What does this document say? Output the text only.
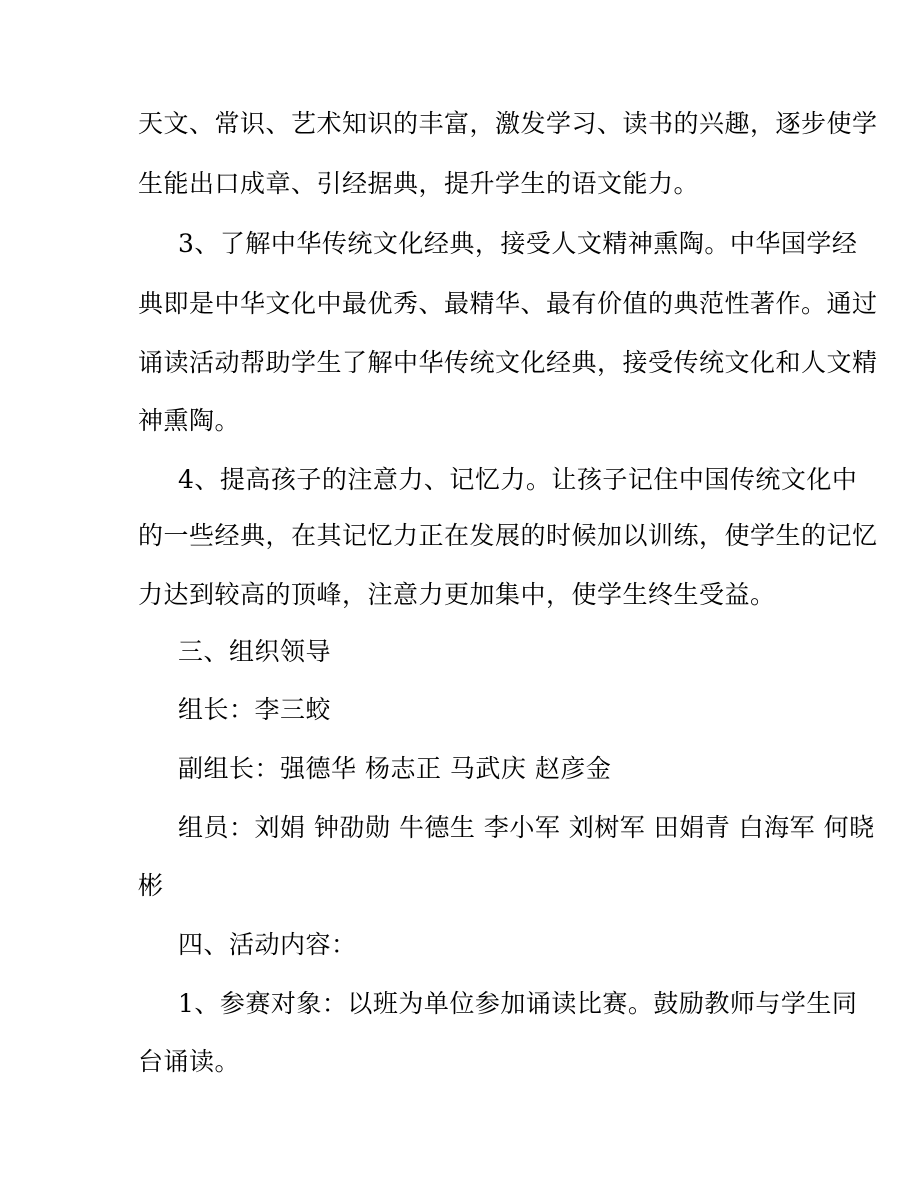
天文、常识、艺术知识的丰富，激发学习、读书的兴趣，逐步使学
生能出口成章、引经据典，提升学生的语文能力。
3、了解中华传统文化经典，接受人文精神熏陶。中华国学经
典即是中华文化中最优秀、最精华、最有价值的典范性著作。通过
诵读活动帮助学生了解中华传统文化经典，接受传统文化和人文精
神熏陶。
4、提高孩子的注意力、记忆力。让孩子记住中国传统文化中
的一些经典，在其记忆力正在发展的时候加以训练，使学生的记忆
力达到较高的顶峰，注意力更加集中，使学生终生受益。
三、组织领导
组长：李三蛟
副组长：强德华 杨志正 马武庆 赵彦金
组员：刘娟 钟劭勋 牛德生 李小军 刘树军 田娟青 白海军 何晓
彬
四、活动内容：
1、参赛对象：以班为单位参加诵读比赛。鼓励教师与学生同
台诵读。
